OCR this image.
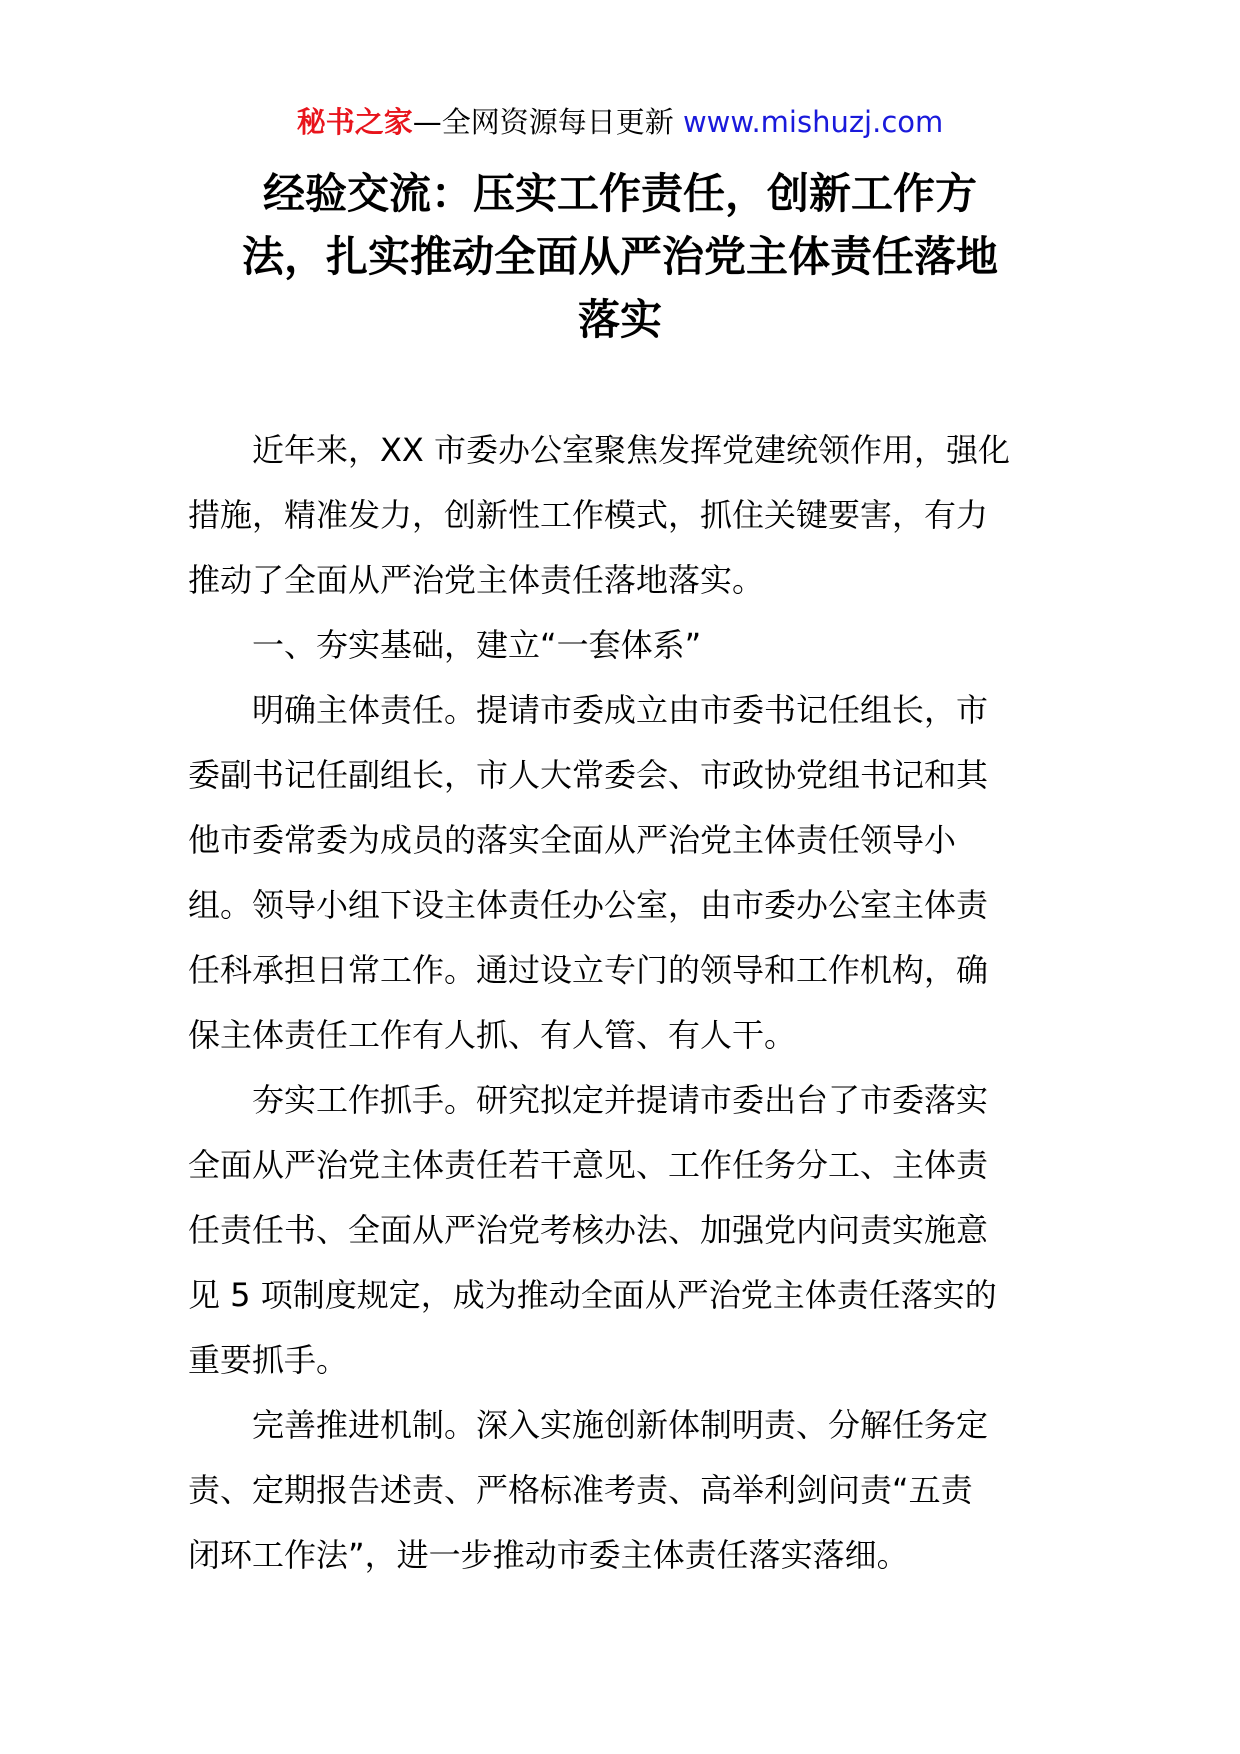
秘书之家—全网资源每日更新 www.mishuzj.com
经验交流：压实工作责任，创新工作方
法，扎实推动全面从严治党主体责任落地
落实

近年来，XX 市委办公室聚焦发挥党建统领作用，强化
措施，精准发力，创新性工作模式，抓住关键要害，有力
推动了全面从严治党主体责任落地落实。

一、夯实基础，建立“一套体系”

明确主体责任。提请市委成立由市委书记任组长，市
委副书记任副组长，市人大常委会、市政协党组书记和其
他市委常委为成员的落实全面从严治党主体责任领导小
组。领导小组下设主体责任办公室，由市委办公室主体责
任科承担日常工作。通过设立专门的领导和工作机构，确
保主体责任工作有人抓、有人管、有人干。

夯实工作抓手。研究拟定并提请市委出台了市委落实
全面从严治党主体责任若干意见、工作任务分工、主体责
任责任书、全面从严治党考核办法、加强党内问责实施意
见 5 项制度规定，成为推动全面从严治党主体责任落实的
重要抓手。

完善推进机制。深入实施创新体制明责、分解任务定
责、定期报告述责、严格标准考责、高举利剑问责“五责
闭环工作法”，进一步推动市委主体责任落实落细。
